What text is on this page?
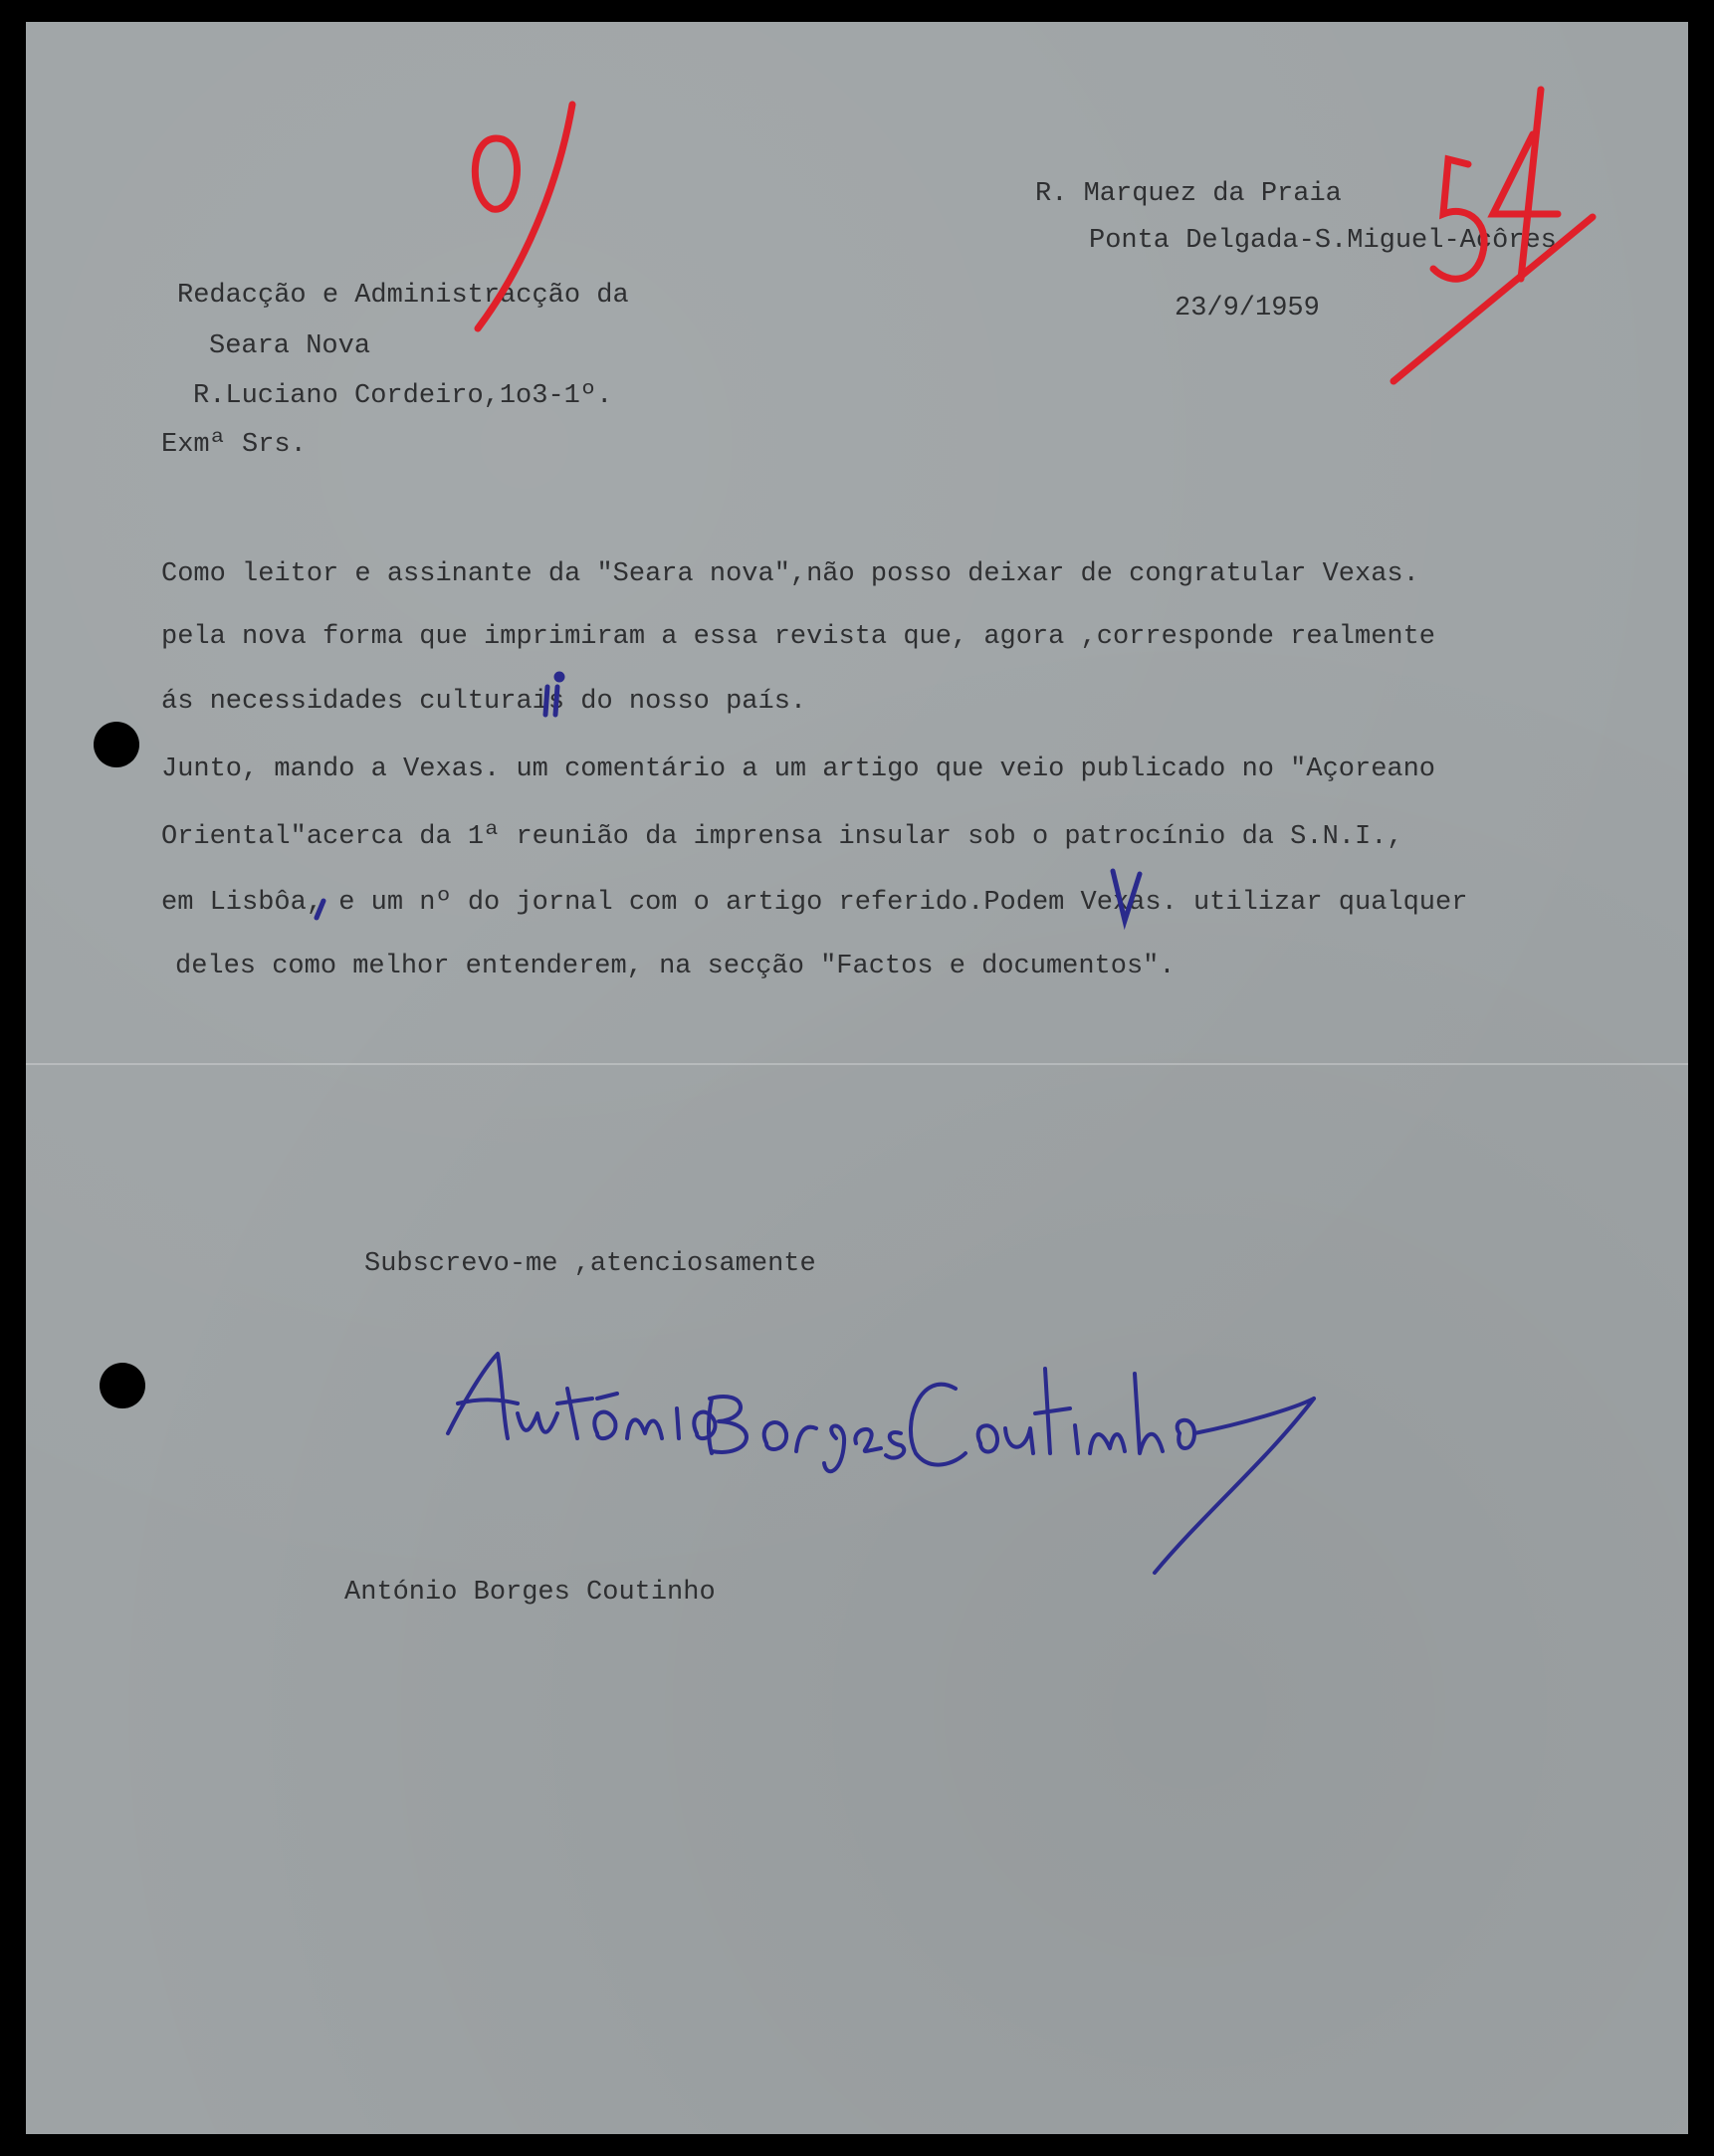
R. Marquez da Praia
Ponta Delgada-S.Miguel-Açôres
23/9/1959
Redacção e Administracção da
Seara Nova
R.Luciano Cordeiro,1o3-1º.
Exmª Srs.
Como leitor e assinante da "Seara nova",não posso deixar de congratular Vexas.
pela nova forma que imprimiram a essa revista que, agora ,corresponde realmente
ás necessidades culturais do nosso país.
Junto, mando a Vexas. um comentário a um artigo que veio publicado no "Açoreano
Oriental"acerca da 1ª reunião da imprensa insular sob o patrocínio da S.N.I.,
em Lisbôa, e um nº do jornal com o artigo referido.Podem Vexas. utilizar qualquer
deles como melhor entenderem, na secção "Factos e documentos".
Subscrevo-me ,atenciosamente
António Borges Coutinho
